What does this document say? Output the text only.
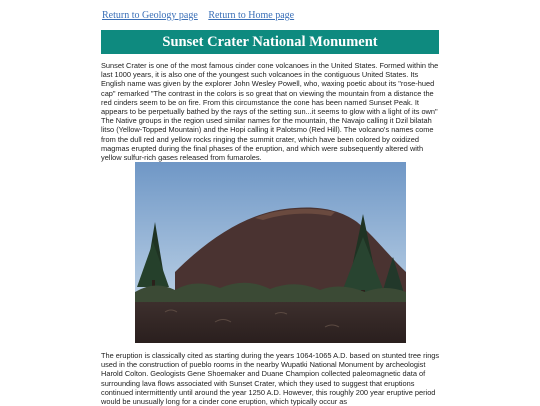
Return to Geology page Return to Home page
Sunset Crater National Monument

Sunset Crater is one of the most famous cinder cone volcanoes in the United States. Formed within the last 1000 years, it is also one of the youngest such volcanoes in the contiguous United States. Its English name was given by the explorer John Wesley Powell, who, waxing poetic about its "rose-hued cap" remarked "The contrast in the colors is so great that on viewing the mountain from a distance the red cinders seem to be on fire. From this circumstance the cone has been named Sunset Peak. It appears to be perpetually bathed by the rays of the setting sun...it seems to glow with a light of its own" The Native groups in the region used similar names for the mountain, the Navajo calling it Dzil bilatah litso (Yellow-Topped Mountain) and the Hopi calling it Palotsmo (Red Hill). The volcano's names come from the dull red and yellow rocks ringing the summit crater, which have been colored by oxidized magmas erupted during the final phases of the eruption, and which were subsequently altered with yellow sulfur-rich gases released from fumaroles.

The eruption is classically cited as starting during the years 1064-1065 A.D. based on stunted tree rings used in the construction of pueblo rooms in the nearby Wupatki National Monument by archeologist Harold Colton. Geologists Gene Shoemaker and Duane Champion collected paleomagnetic data of surrounding lava flows associated with Sunset Crater, which they used to suggest that eruptions continued intermittently until around the year 1250 A.D. However, this roughly 200 year eruptive period would be unusually long for a cinder cone eruption, which typically occur as
